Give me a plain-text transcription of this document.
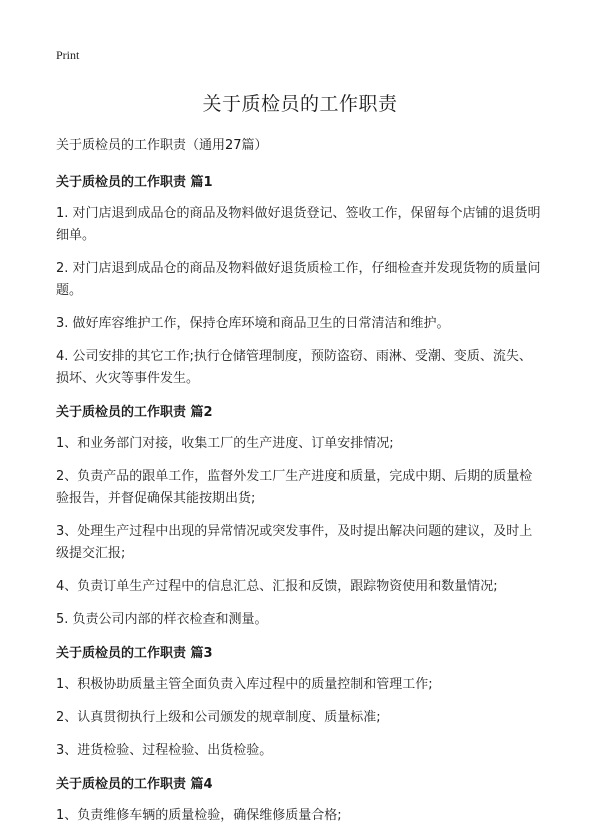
Print
关于质检员的工作职责

关于质检员的工作职责（通用27篇）

关于质检员的工作职责 篇1

1. 对门店退到成品仓的商品及物料做好退货登记、签收工作，保留每个店铺的退货明细单。

2. 对门店退到成品仓的商品及物料做好退货质检工作，仔细检查并发现货物的质量问题。

3. 做好库容维护工作，保持仓库环境和商品卫生的日常清洁和维护。

4. 公司安排的其它工作;执行仓储管理制度，预防盗窃、雨淋、受潮、变质、流失、损坏、火灾等事件发生。

关于质检员的工作职责 篇2

1、和业务部门对接，收集工厂的生产进度、订单安排情况;

2、负责产品的跟单工作，监督外发工厂生产进度和质量，完成中期、后期的质量检验报告，并督促确保其能按期出货;

3、处理生产过程中出现的异常情况或突发事件，及时提出解决问题的建议，及时上级提交汇报;

4、负责订单生产过程中的信息汇总、汇报和反馈，跟踪物资使用和数量情况;

5. 负责公司内部的样衣检查和测量。

关于质检员的工作职责 篇3

1、积极协助质量主管全面负责入库过程中的质量控制和管理工作;

2、认真贯彻执行上级和公司颁发的规章制度、质量标准;

3、进货检验、过程检验、出货检验。

关于质检员的工作职责 篇4

1、负责维修车辆的质量检验，确保维修质量合格;
